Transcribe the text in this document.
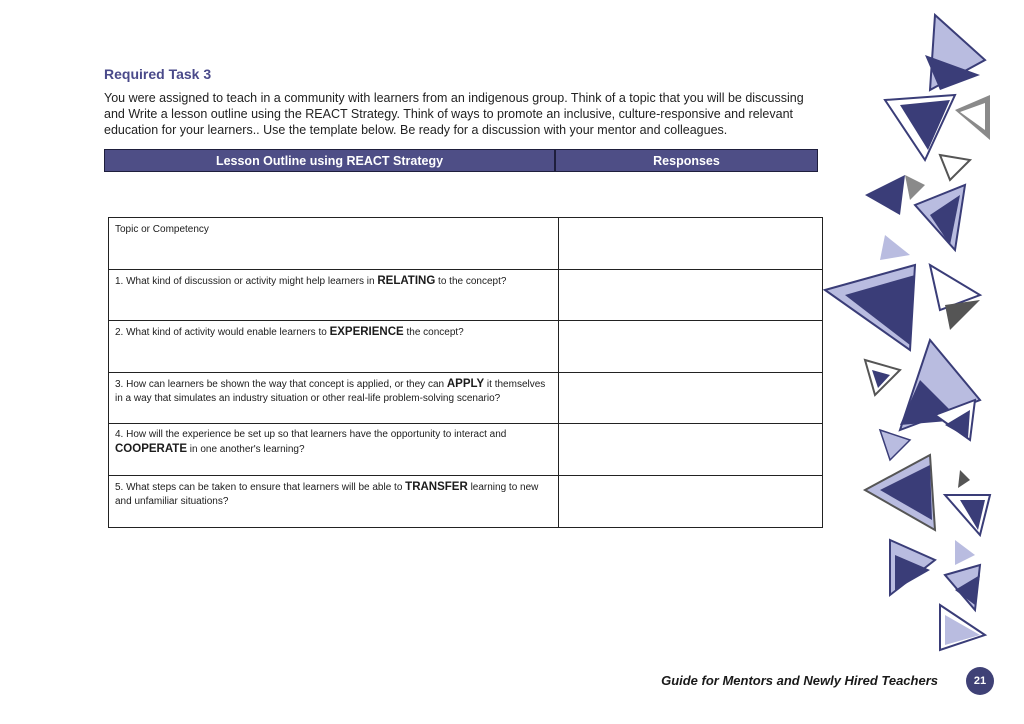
Required Task 3

You were assigned to teach in a community with learners from an indigenous group. Think of a topic that you will be discussing and Write a lesson outline using the REACT Strategy. Think of ways to promote an inclusive, culture-responsive and relevant education for your learners.. Use the template below. Be ready for a discussion with your mentor and colleagues.

Lesson Outline using REACT Strategy	Responses
Topic or Competency	
1. What kind of discussion or activity might help learners in RELATING to the concept?	
2. What kind of activity would enable learners to EXPERIENCE the concept?	
3. How can learners be shown the way that concept is applied, or they can APPLY it themselves in a way that simulates an industry situation or other real-life problem-solving scenario?	
4. How will the experience be set up so that learners have the opportunity to interact and COOPERATE in one another's learning?	
5. What steps can be taken to ensure that learners will be able to TRANSFER learning to new and unfamiliar situations?	

Guide for Mentors and Newly Hired Teachers	21
